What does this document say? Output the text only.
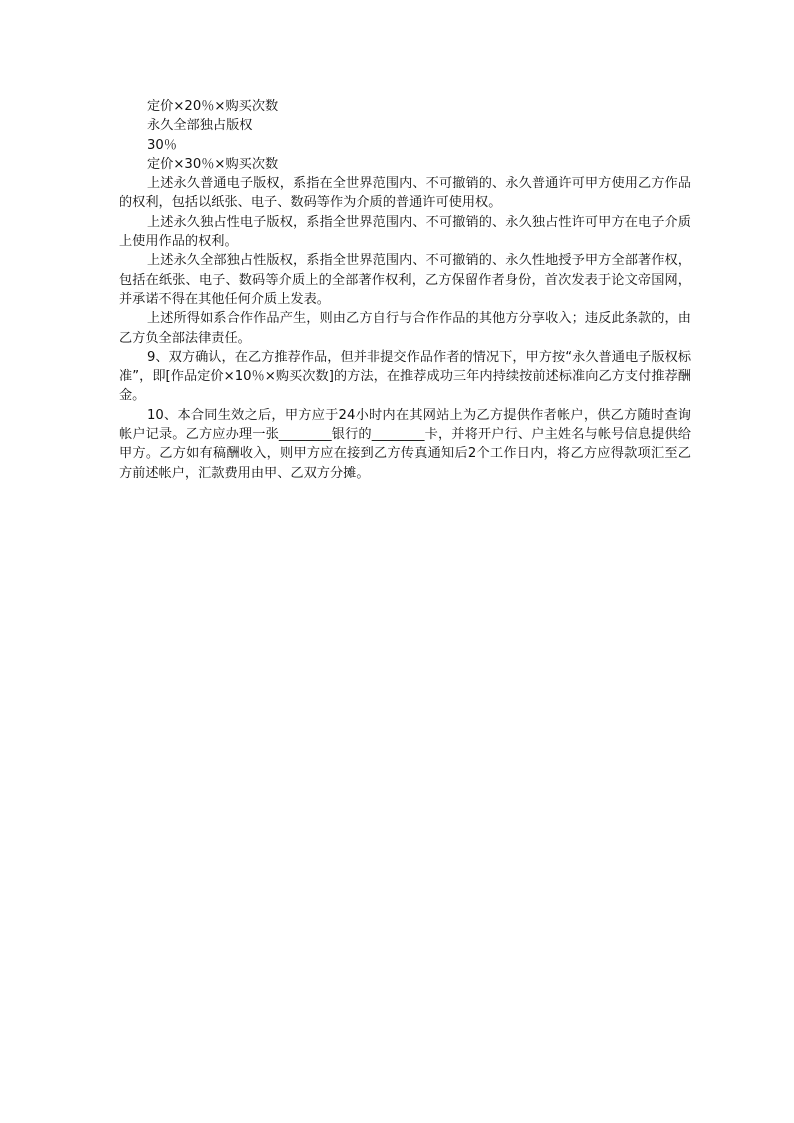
定价×20％×购买次数

永久全部独占版权

30％

定价×30％×购买次数

上述永久普通电子版权，系指在全世界范围内、不可撤销的、永久普通许可甲方使用乙方作品的权利，包括以纸张、电子、数码等作为介质的普通许可使用权。

上述永久独占性电子版权，系指全世界范围内、不可撤销的、永久独占性许可甲方在电子介质上使用作品的权利。

上述永久全部独占性版权，系指全世界范围内、不可撤销的、永久性地授予甲方全部著作权，包括在纸张、电子、数码等介质上的全部著作权利，乙方保留作者身份，首次发表于论文帝国网，并承诺不得在其他任何介质上发表。

上述所得如系合作作品产生，则由乙方自行与合作作品的其他方分享收入；违反此条款的，由乙方负全部法律责任。

9、双方确认，在乙方推荐作品，但并非提交作品作者的情况下，甲方按“永久普通电子版权标准”，即[作品定价×10％×购买次数]的方法，在推荐成功三年内持续按前述标准向乙方支付推荐酬金。

10、本合同生效之后，甲方应于24小时内在其网站上为乙方提供作者帐户，供乙方随时查询帐户记录。乙方应办理一张________银行的________卡，并将开户行、户主姓名与帐号信息提供给甲方。乙方如有稿酬收入，则甲方应在接到乙方传真通知后2个工作日内，将乙方应得款项汇至乙方前述帐户，汇款费用由甲、乙双方分摊。
